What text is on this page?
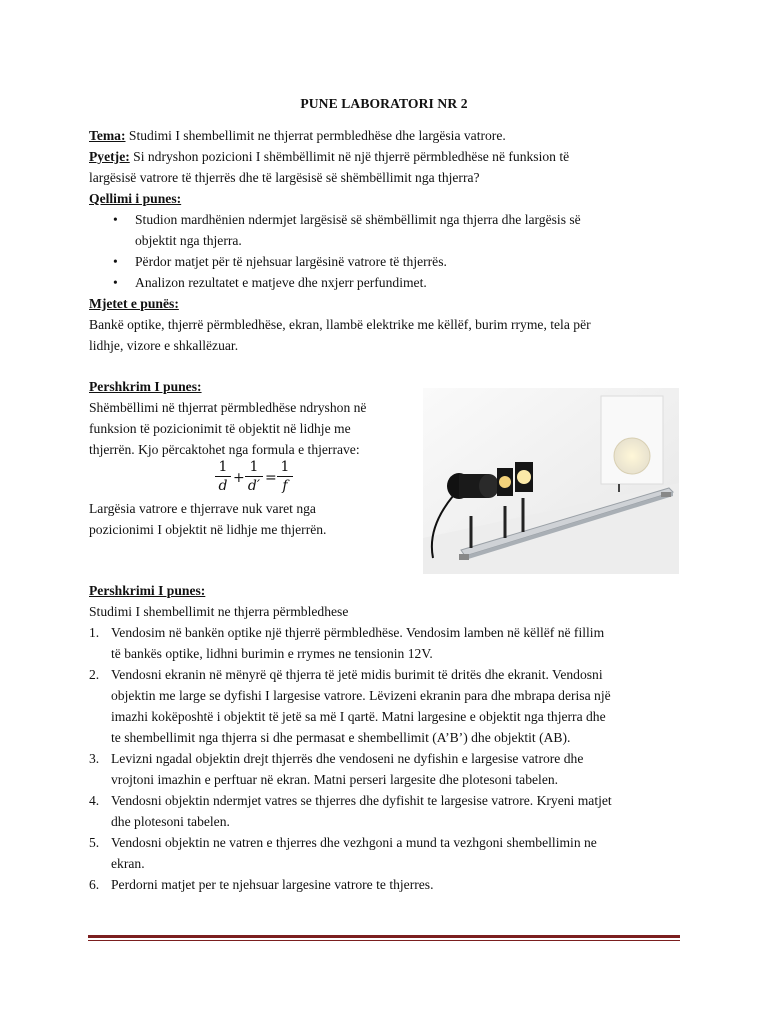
PUNE LABORATORI NR 2
Tema: Studimi I shembellimit ne thjerrat permbledhëse dhe largësia vatrore.
Pyetje: Si ndryshon pozicioni I shëmbëllimit në një thjerrë përmbledhëse në funksion të
largësisë vatrore të thjerrës dhe të largësisë së shëmbëllimit nga thjerra?
Qellimi i punes:
• Studion mardhënien ndermjet largësisë së shëmbëllimit nga thjerra dhe largësis së
objektit nga thjerra.
• Përdor matjet për të njehsuar largësinë vatrore të thjerrës.
• Analizon rezultatet e matjeve dhe nxjerr perfundimet.
Mjetet e punës:
Bankë optike, thjerrë përmbledhëse, ekran, llambë elektrike me këllëf, burim rryme, tela për
lidhje, vizore e shkallëzuar.
Pershkrim I punes:
Shëmbëllimi në thjerrat përmbledhëse ndryshon në
funksion të pozicionimit të objektit në lidhje me
thjerrën. Kjo përcaktohet nga formula e thjerrave:
1
d +
1
d′ =
1
f
Largësia vatrore e thjerrave nuk varet nga
pozicionimi I objektit në lidhje me thjerrën.
Pershkrimi I punes:
Studimi I shembellimit ne thjerra përmbledhese
1. Vendosim në bankën optike një thjerrë përmbledhëse. Vendosim lamben në këllëf në fillim
të bankës optike, lidhni burimin e rrymes ne tensionin 12V.
2. Vendosni ekranin në mënyrë që thjerra të jetë midis burimit të dritës dhe ekranit. Vendosni
objektin me large se dyfishi I largesise vatrore. Lëvizeni ekranin para dhe mbrapa derisa një
imazhi kokëposhtë i objektit të jetë sa më I qartë. Matni largesine e objektit nga thjerra dhe
te shembellimit nga thjerra si dhe permasat e shembellimit (A’B’) dhe objektit (AB).
3. Levizni ngadal objektin drejt thjerrës dhe vendoseni ne dyfishin e largesise vatrore dhe
vrojtoni imazhin e perftuar në ekran. Matni perseri largesite dhe plotesoni tabelen.
4. Vendosni objektin ndermjet vatres se thjerres dhe dyfishit te largesise vatrore. Kryeni matjet
dhe plotesoni tabelen.
5. Vendosni objektin ne vatren e thjerres dhe vezhgoni a mund ta vezhgoni shembellimin ne
ekran.
6. Perdorni matjet per te njehsuar largesine vatrore te thjerres.
